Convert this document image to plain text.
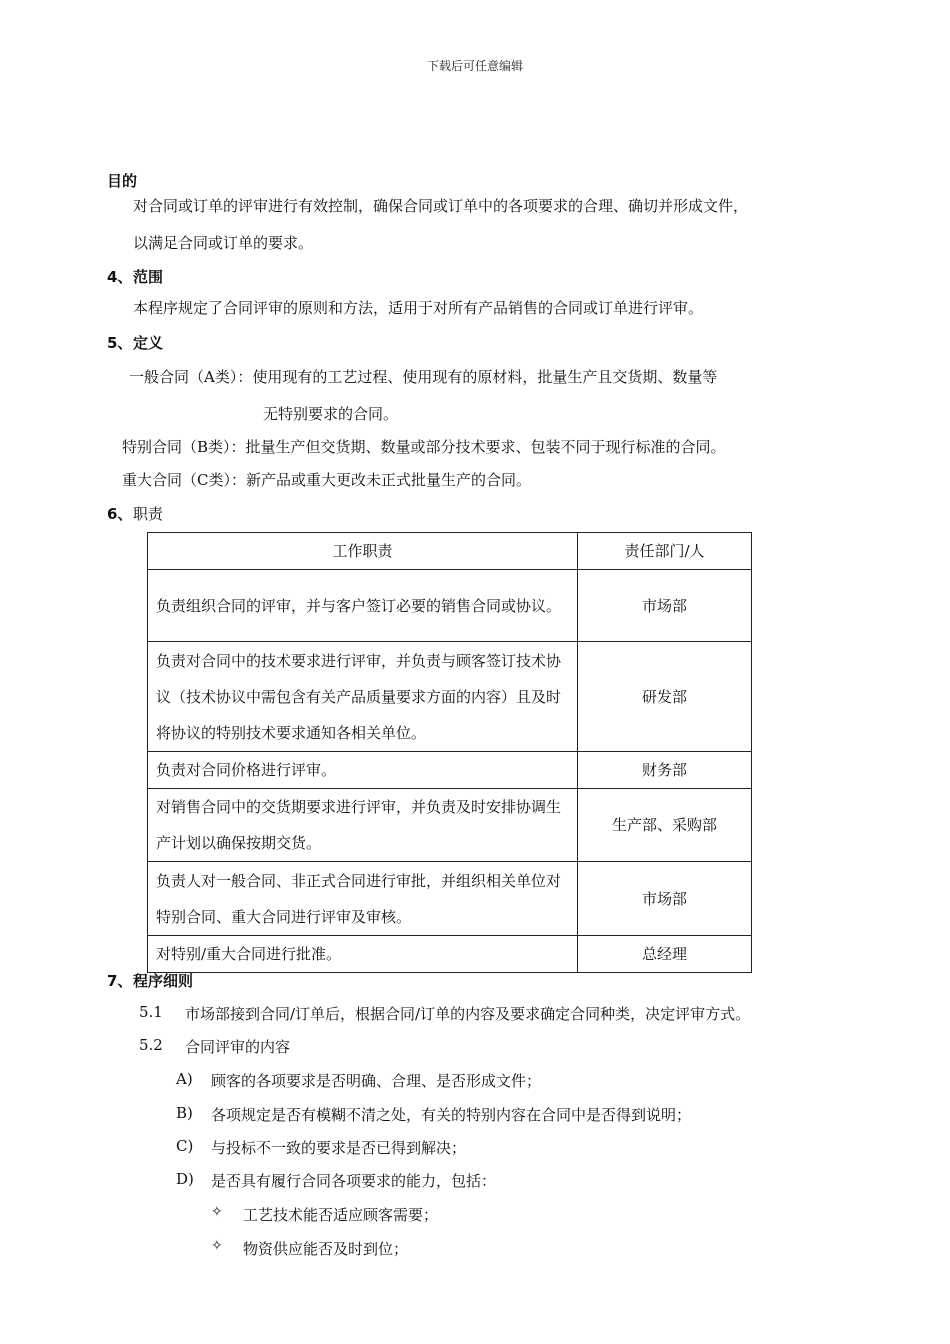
下载后可任意编辑
目的
对合同或订单的评审进行有效控制，确保合同或订单中的各项要求的合理、确切并形成文件，
以满足合同或订单的要求。
4、 范围
本程序规定了合同评审的原则和方法，适用于对所有产品销售的合同或订单进行评审。
5、 定义
一般合同（A类）：使用现有的工艺过程、使用现有的原材料，批量生产且交货期、数量等
无特别要求的合同。
特别合同（B类）：批量生产但交货期、数量或部分技术要求、包装不同于现行标准的合同。
重大合同（C类）：新产品或重大更改未正式批量生产的合同。
6、 职责
工作职责	责任部门/人
负责组织合同的评审，并与客户签订必要的销售合同或协议。	市场部
负责对合同中的技术要求进行评审，并负责与顾客签订技术协议（技术协议中需包含有关产品质量要求方面的内容）且及时将协议的特别技术要求通知各相关单位。	研发部
负责对合同价格进行评审。	财务部
对销售合同中的交货期要求进行评审，并负责及时安排协调生产计划以确保按期交货。	生产部、采购部
负责人对一般合同、非正式合同进行审批，并组织相关单位对特别合同、重大合同进行评审及审核。	市场部
对特别/重大合同进行批准。	总经理
7、 程序细则
5.1 市场部接到合同/订单后，根据合同/订单的内容及要求确定合同种类，决定评审方式。
5.2 合同评审的内容
A) 顾客的各项要求是否明确、合理、是否形成文件；
B) 各项规定是否有模糊不清之处，有关的特别内容在合同中是否得到说明；
C) 与投标不一致的要求是否已得到解决；
D) 是否具有履行合同各项要求的能力，包括：
✧ 工艺技术能否适应顾客需要；
✧ 物资供应能否及时到位；
